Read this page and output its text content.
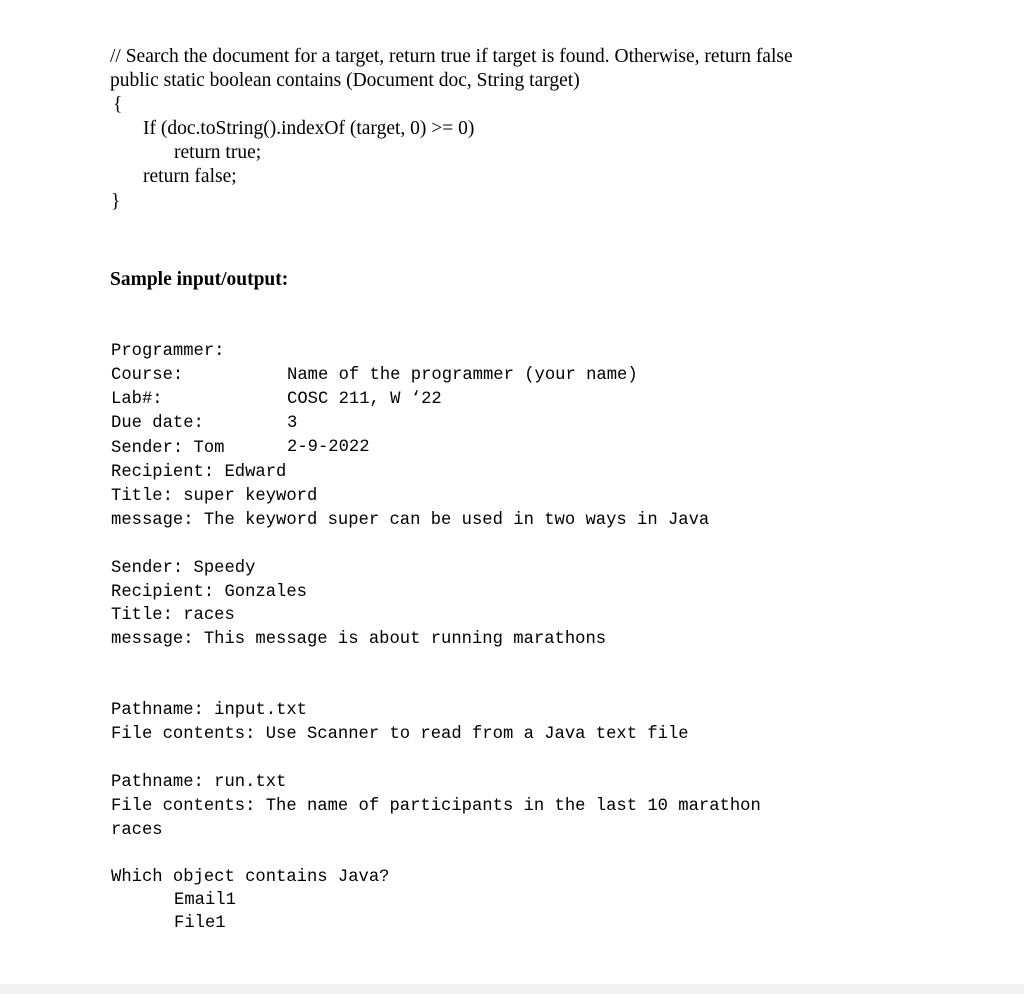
// Search the document for a target, return true if target is found. Otherwise, return false
public static boolean contains (Document doc, String target)
{
If (doc.toString().indexOf (target, 0) >= 0)
return true;
return false;
}
Sample input/output:

Programmer:

Name of the programmer (your name)

Course:

COSC 211, W ‘22

Lab#:

3

Due date:

2-9-2022

Sender: Tom
Recipient: Edward
Title: super keyword
message: The keyword super can be used in two ways in Java
Sender: Speedy
Recipient: Gonzales
Title: races
message: This message is about running marathons
Pathname: input.txt
File contents: Use Scanner to read from a Java text file
Pathname: run.txt
File contents: The name of participants in the last 10 marathon
races
Which object contains Java?
Email1
File1
